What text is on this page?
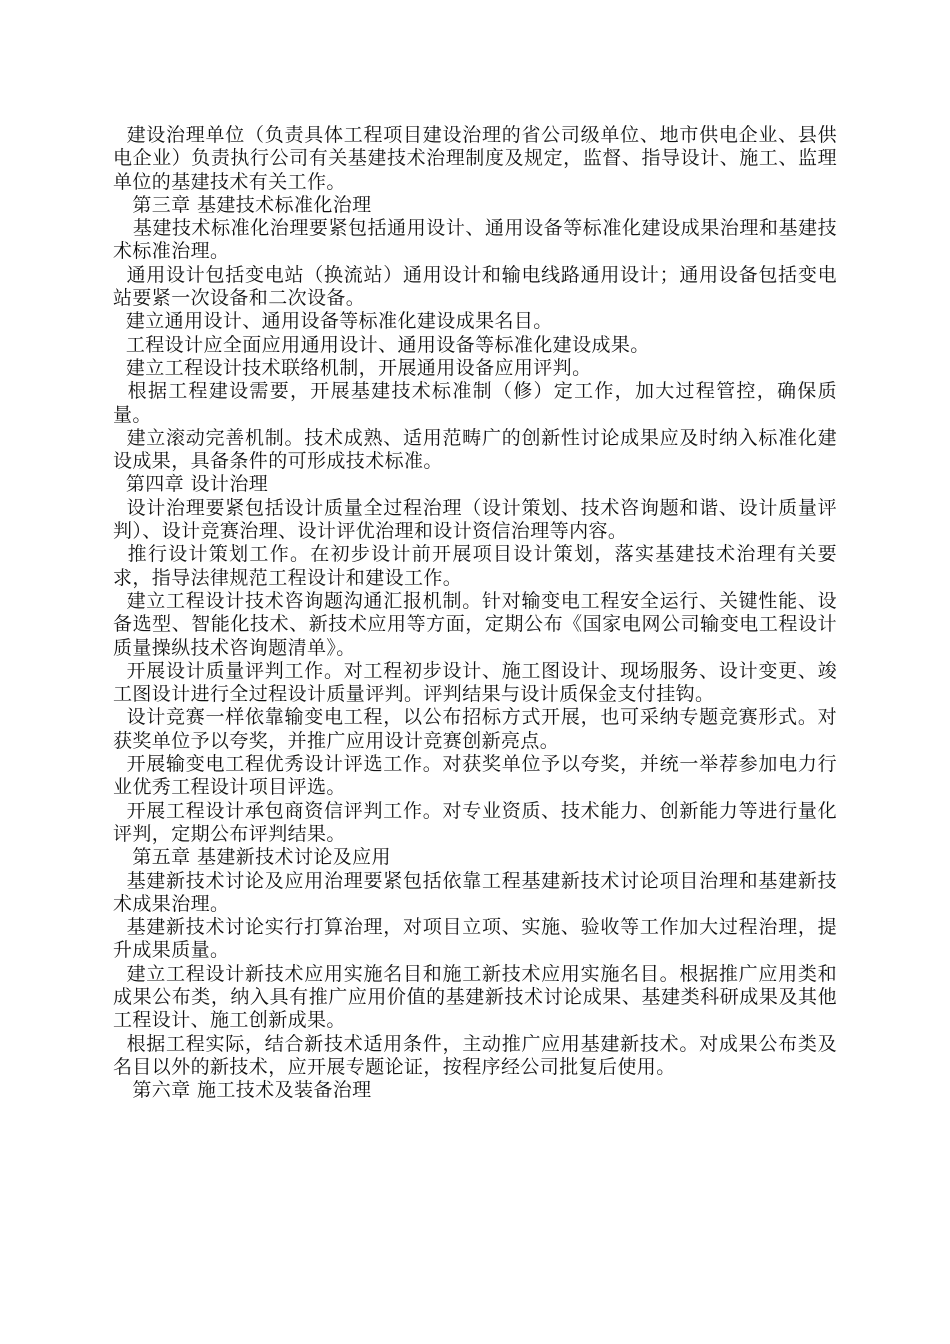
建设治理单位（负责具体工程项目建设治理的省公司级单位、地市供电企业、县供电企业）负责执行公司有关基建技术治理制度及规定，监督、指导设计、施工、监理单位的基建技术有关工作。

第三章 基建技术标准化治理

基建技术标准化治理要紧包括通用设计、通用设备等标准化建设成果治理和基建技术标准治理。

通用设计包括变电站（换流站）通用设计和输电线路通用设计；通用设备包括变电站要紧一次设备和二次设备。

建立通用设计、通用设备等标准化建设成果名目。

工程设计应全面应用通用设计、通用设备等标准化建设成果。

建立工程设计技术联络机制，开展通用设备应用评判。

根据工程建设需要，开展基建技术标准制（修）定工作，加大过程管控，确保质量。

建立滚动完善机制。技术成熟、适用范畴广的创新性讨论成果应及时纳入标准化建设成果，具备条件的可形成技术标准。

第四章 设计治理

设计治理要紧包括设计质量全过程治理（设计策划、技术咨询题和谐、设计质量评判）、设计竞赛治理、设计评优治理和设计资信治理等内容。

推行设计策划工作。在初步设计前开展项目设计策划，落实基建技术治理有关要求，指导法律规范工程设计和建设工作。

建立工程设计技术咨询题沟通汇报机制。针对输变电工程安全运行、关键性能、设备选型、智能化技术、新技术应用等方面，定期公布《国家电网公司输变电工程设计质量操纵技术咨询题清单》。

开展设计质量评判工作。对工程初步设计、施工图设计、现场服务、设计变更、竣工图设计进行全过程设计质量评判。评判结果与设计质保金支付挂钩。

设计竞赛一样依靠输变电工程，以公布招标方式开展，也可采纳专题竞赛形式。对获奖单位予以夸奖，并推广应用设计竞赛创新亮点。

开展输变电工程优秀设计评选工作。对获奖单位予以夸奖，并统一举荐参加电力行业优秀工程设计项目评选。

开展工程设计承包商资信评判工作。对专业资质、技术能力、创新能力等进行量化评判，定期公布评判结果。

第五章 基建新技术讨论及应用

基建新技术讨论及应用治理要紧包括依靠工程基建新技术讨论项目治理和基建新技术成果治理。

基建新技术讨论实行打算治理，对项目立项、实施、验收等工作加大过程治理，提升成果质量。

建立工程设计新技术应用实施名目和施工新技术应用实施名目。根据推广应用类和成果公布类，纳入具有推广应用价值的基建新技术讨论成果、基建类科研成果及其他工程设计、施工创新成果。

根据工程实际，结合新技术适用条件，主动推广应用基建新技术。对成果公布类及名目以外的新技术，应开展专题论证，按程序经公司批复后使用。

第六章 施工技术及装备治理
